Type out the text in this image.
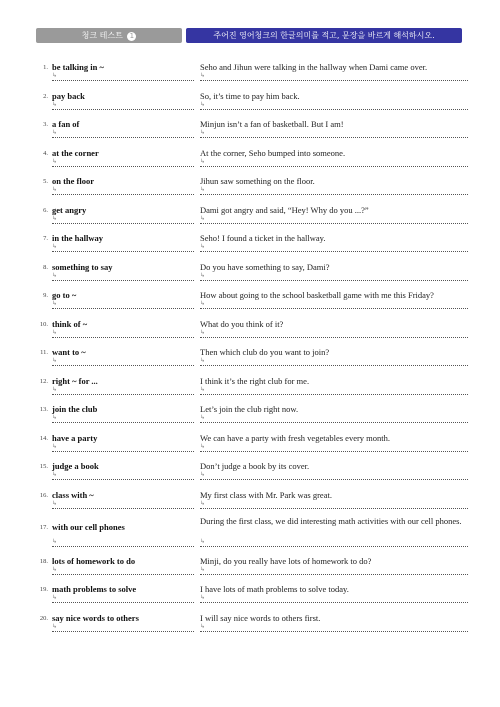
청크 테스트 1	주어진 영어청크의 한글의미를 적고, 문장을 바르게 해석하시오.
1. be talking in ~
↳
Seho and Jihun were talking in the hallway when Dami came over.
↳
2. pay back
↳
So, it’s time to pay him back.
↳
3. a fan of
↳
Minjun isn’t a fan of basketball. But I am!
↳
4. at the corner
↳
At the corner, Seho bumped into someone.
↳
5. on the floor
↳
Jihun saw something on the floor.
↳
6. get angry
↳
Dami got angry and said, “Hey! Why do you ...?”
↳
7. in the hallway
↳
Seho! I found a ticket in the hallway.
↳
8. something to say
↳
Do you have something to say, Dami?
↳
9. go to ~
↳
How about going to the school basketball game with me this Friday?
↳
10. think of ~
↳
What do you think of it?
↳
11. want to ~
↳
Then which club do you want to join?
↳
12. right ~ for ...
↳
I think it’s the right club for me.
↳
13. join the club
↳
Let’s join the club right now.
↳
14. have a party
↳
We can have a party with fresh vegetables every month.
↳
15. judge a book
↳
Don’t judge a book by its cover.
↳
16. class with ~
↳
My first class with Mr. Park was great.
↳
17. with our cell phones
↳
During the first class, we did interesting math activities with our cell phones.
↳
18. lots of homework to do
↳
Minji, do you really have lots of homework to do?
↳
19. math problems to solve
↳
I have lots of math problems to solve today.
↳
20. say nice words to others
↳
I will say nice words to others first.
↳
